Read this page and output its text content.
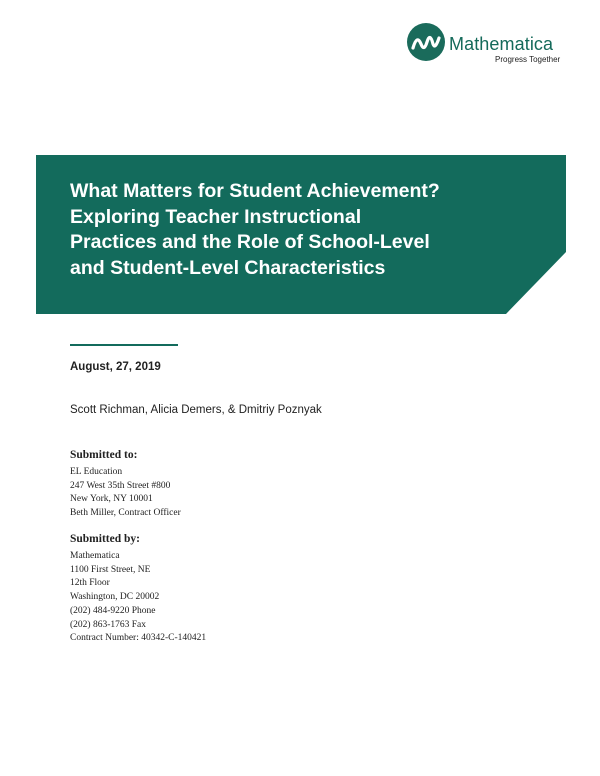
Mathematica
Progress Together
What Matters for Student Achievement?
Exploring Teacher Instructional
Practices and the Role of School-Level
and Student-Level Characteristics
August, 27, 2019
Scott Richman, Alicia Demers, & Dmitriy Poznyak
Submitted to:
EL Education
247 West 35th Street #800
New York, NY 10001
Beth Miller, Contract Officer
Submitted by:
Mathematica
1100 First Street, NE
12th Floor
Washington, DC 20002
(202) 484-9220 Phone
(202) 863-1763 Fax
Contract Number: 40342-C-140421
